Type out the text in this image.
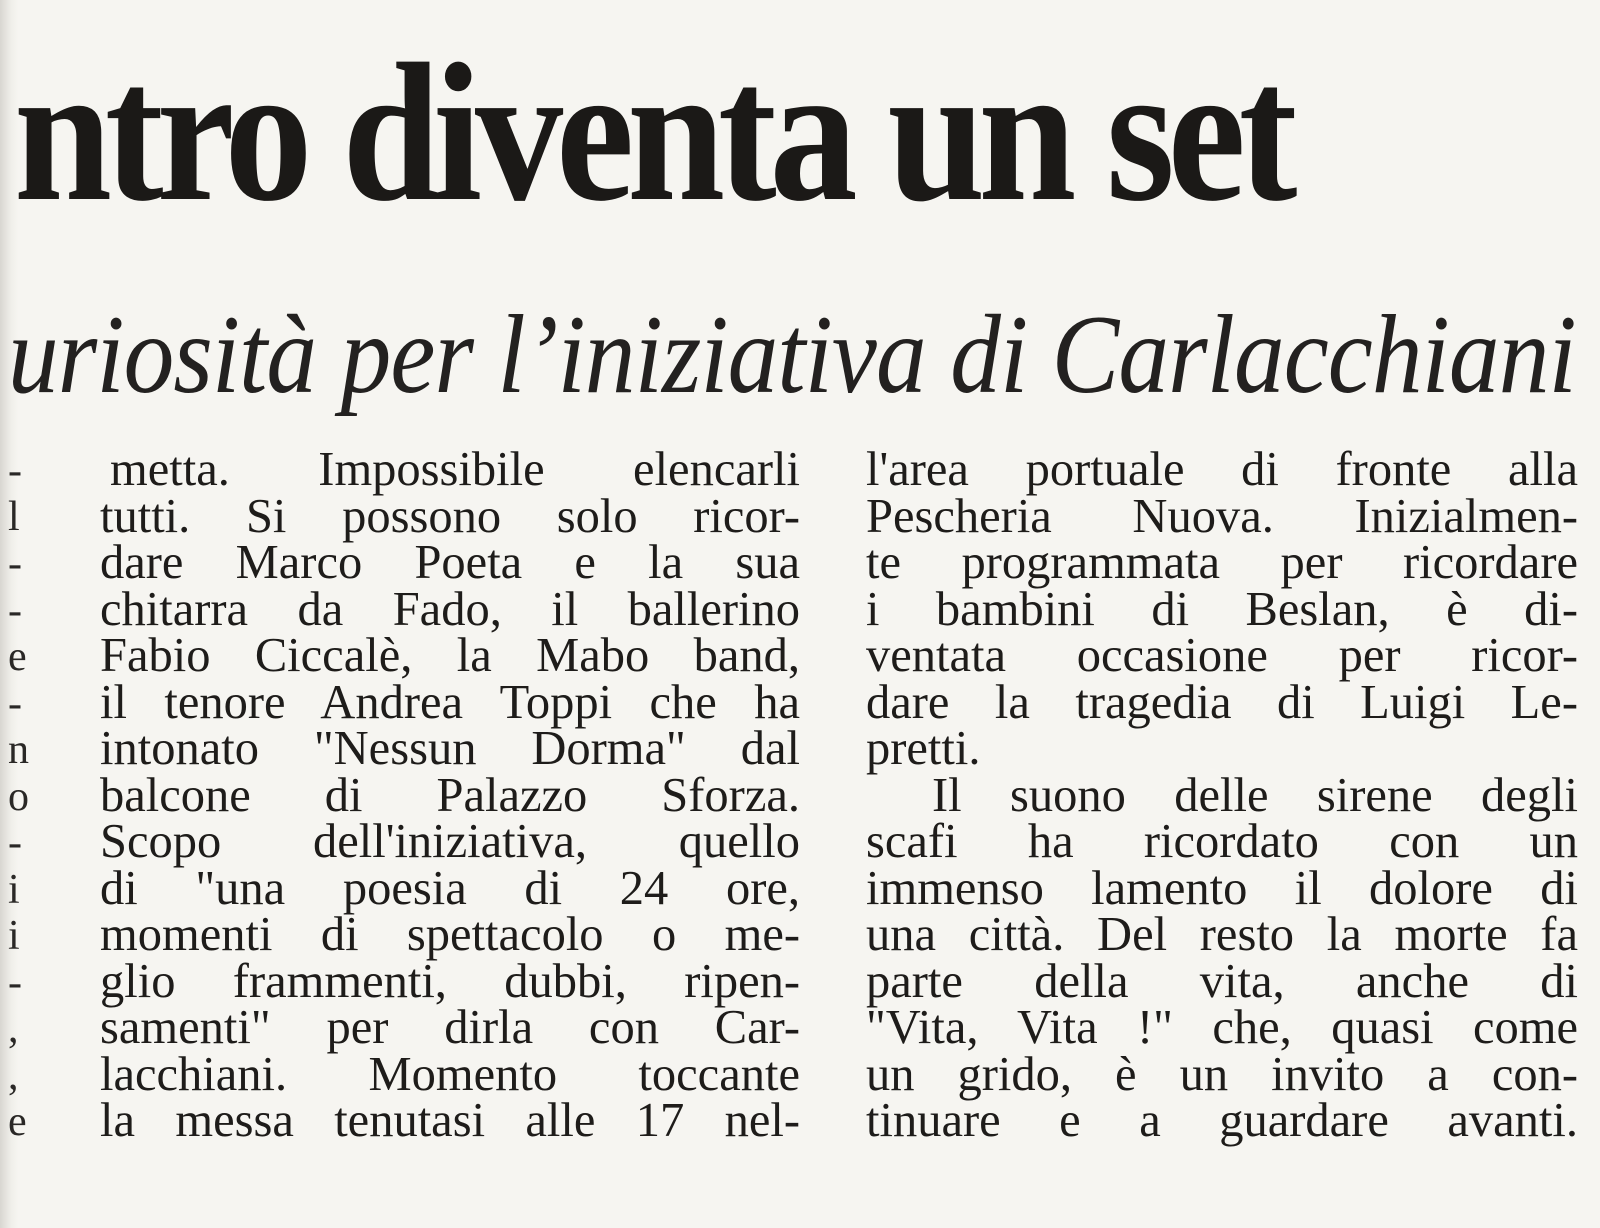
ntro diventa un set
uriosità per l’iniziativa di Carlacchiani
-
l
-
-
e
-
n
o
-
i
i
-
,
,
e
metta. Impossibile elencarli
tutti. Si possono solo ricor-
dare Marco Poeta e la sua
chitarra da Fado, il ballerino
Fabio Ciccalè, la Mabo band,
il tenore Andrea Toppi che ha
intonato "Nessun Dorma" dal
balcone di Palazzo Sforza.
Scopo dell'iniziativa, quello
di "una poesia di 24 ore,
momenti di spettacolo o me-
glio frammenti, dubbi, ripen-
samenti" per dirla con Car-
lacchiani. Momento toccante
la messa tenutasi alle 17 nel-
l'area portuale di fronte alla
Pescheria Nuova. Inizialmen-
te programmata per ricordare
i bambini di Beslan, è di-
ventata occasione per ricor-
dare la tragedia di Luigi Le-
pretti.
Il suono delle sirene degli
scafi ha ricordato con un
immenso lamento il dolore di
una città. Del resto la morte fa
parte della vita, anche di
"Vita, Vita !" che, quasi come
un grido, è un invito a con-
tinuare e a guardare avanti.
